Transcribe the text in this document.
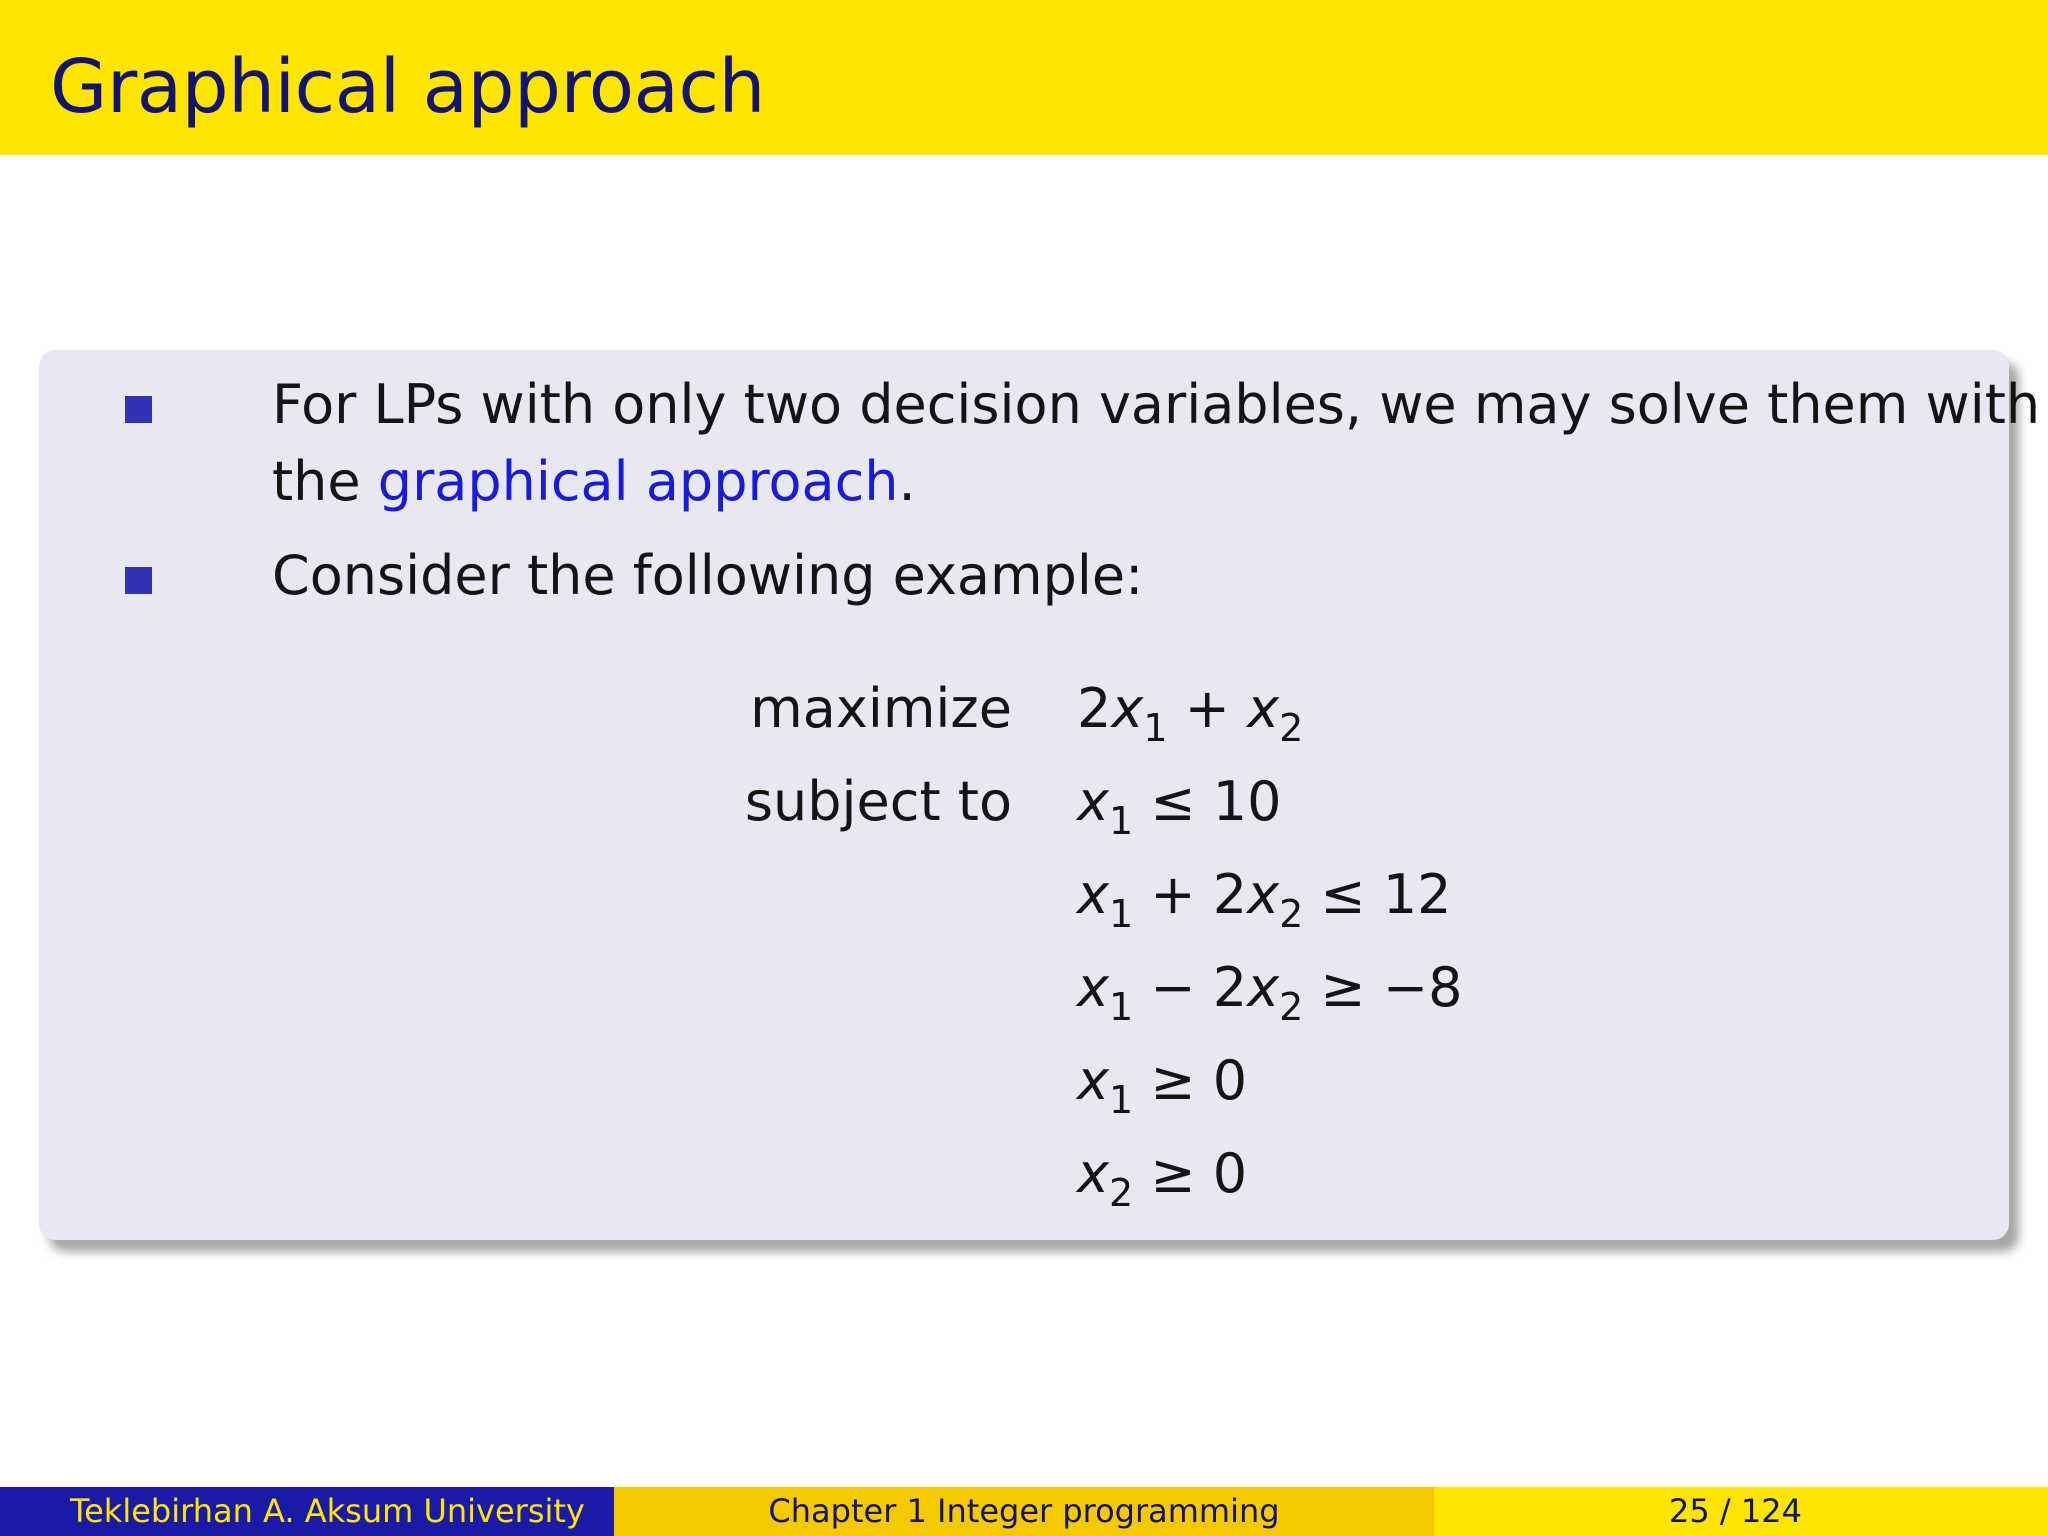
Graphical approach
For LPs with only two decision variables, we may solve them with
the graphical approach.
Consider the following example:
maximize
subject to
$2x_1 + x_2$
$x_1 \le 10$
$x_1 + 2x_2 \le 12$
$x_1 - 2x_2 \ge -8$
$x_1 \ge 0$
$x_2 \ge 0$
Teklebirhan A. Aksum University	Chapter 1 Integer programming	25 / 124
